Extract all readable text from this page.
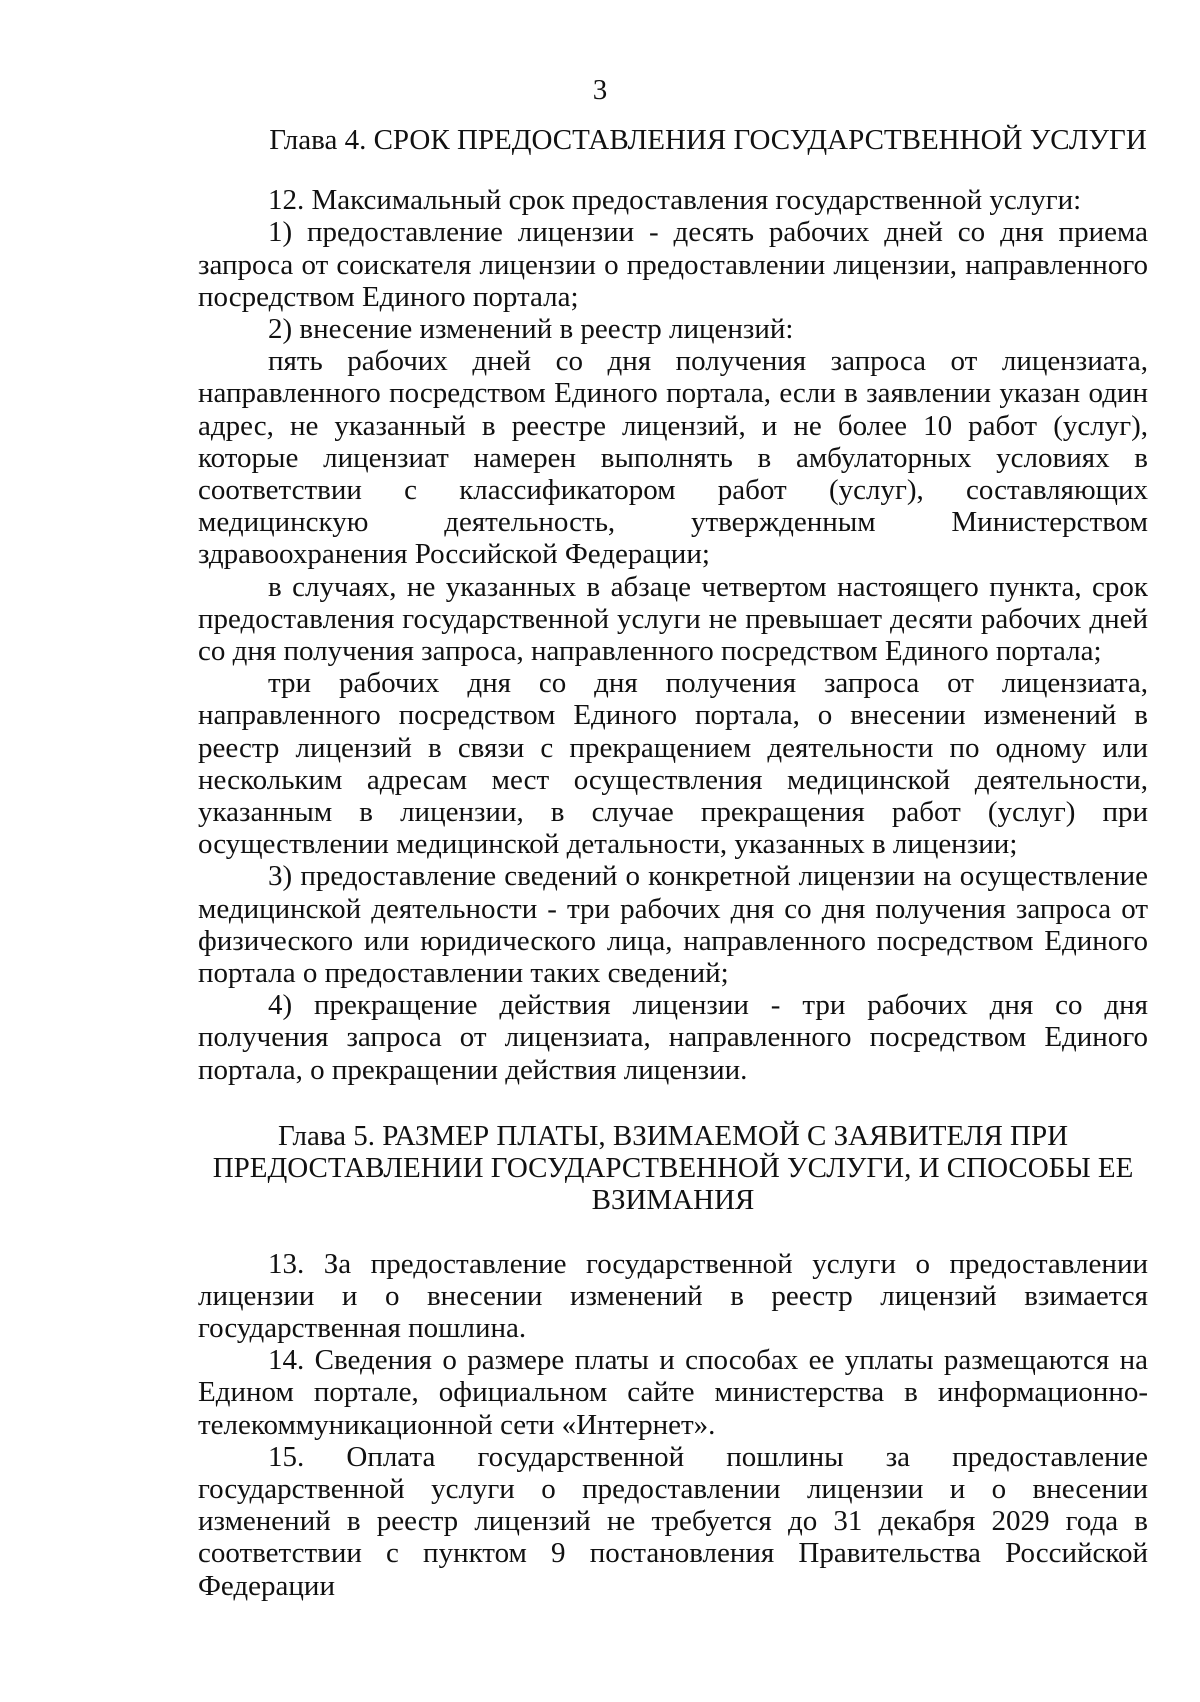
3
Глава 4. СРОК ПРЕДОСТАВЛЕНИЯ ГОСУДАРСТВЕННОЙ УСЛУГИ

12. Максимальный срок предоставления государственной услуги:

1) предоставление лицензии - десять рабочих дней со дня приема запроса от соискателя лицензии о предоставлении лицензии, направленного посредством Единого портала;

2) внесение изменений в реестр лицензий:

пять рабочих дней со дня получения запроса от лицензиата, направленного посредством Единого портала, если в заявлении указан один адрес, не указанный в реестре лицензий, и не более 10 работ (услуг), которые лицензиат намерен выполнять в амбулаторных условиях в соответствии с классификатором работ (услуг), составляющих медицинскую деятельность, утвержденным Министерством здравоохранения Российской Федерации;

в случаях, не указанных в абзаце четвертом настоящего пункта, срок предоставления государственной услуги не превышает десяти рабочих дней со дня получения запроса, направленного посредством Единого портала;

три рабочих дня со дня получения запроса от лицензиата, направленного посредством Единого портала, о внесении изменений в реестр лицензий в связи с прекращением деятельности по одному или нескольким адресам мест осуществления медицинской деятельности, указанным в лицензии, в случае прекращения работ (услуг) при осуществлении медицинской детальности, указанных в лицензии;

3) предоставление сведений о конкретной лицензии на осуществление медицинской деятельности - три рабочих дня со дня получения запроса от физического или юридического лица, направленного посредством Единого портала о предоставлении таких сведений;

4) прекращение действия лицензии - три рабочих дня со дня получения запроса от лицензиата, направленного посредством Единого портала, о прекращении действия лицензии.

Глава 5. РАЗМЕР ПЛАТЫ, ВЗИМАЕМОЙ С ЗАЯВИТЕЛЯ ПРИ ПРЕДОСТАВЛЕНИИ ГОСУДАРСТВЕННОЙ УСЛУГИ, И СПОСОБЫ ЕЕ ВЗИМАНИЯ

13. За предоставление государственной услуги о предоставлении лицензии и о внесении изменений в реестр лицензий взимается государственная пошлина.

14. Сведения о размере платы и способах ее уплаты размещаются на Едином портале, официальном сайте министерства в информационно-телекоммуникационной сети «Интернет».

15. Оплата государственной пошлины за предоставление государственной услуги о предоставлении лицензии и о внесении изменений в реестр лицензий не требуется до 31 декабря 2029 года в соответствии с пунктом 9 постановления Правительства Российской Федерации
